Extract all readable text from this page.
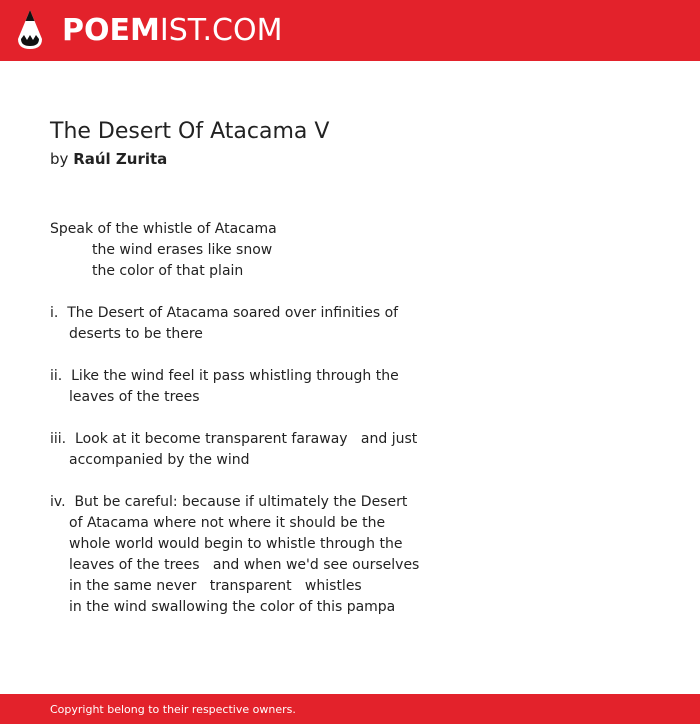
POEMIST.COM
The Desert Of Atacama V
by Raúl Zurita
Speak of the whistle of Atacama
the wind erases like snow
the color of that plain
i.  The Desert of Atacama soared over infinities of
deserts to be there
ii.  Like the wind feel it pass whistling through the
leaves of the trees
iii.  Look at it become transparent faraway   and just
accompanied by the wind
iv.  But be careful: because if ultimately the Desert
of Atacama where not where it should be the
whole world would begin to whistle through the
leaves of the trees   and when we'd see ourselves
in the same never   transparent   whistles
in the wind swallowing the color of this pampa
Copyright belong to their respective owners.
